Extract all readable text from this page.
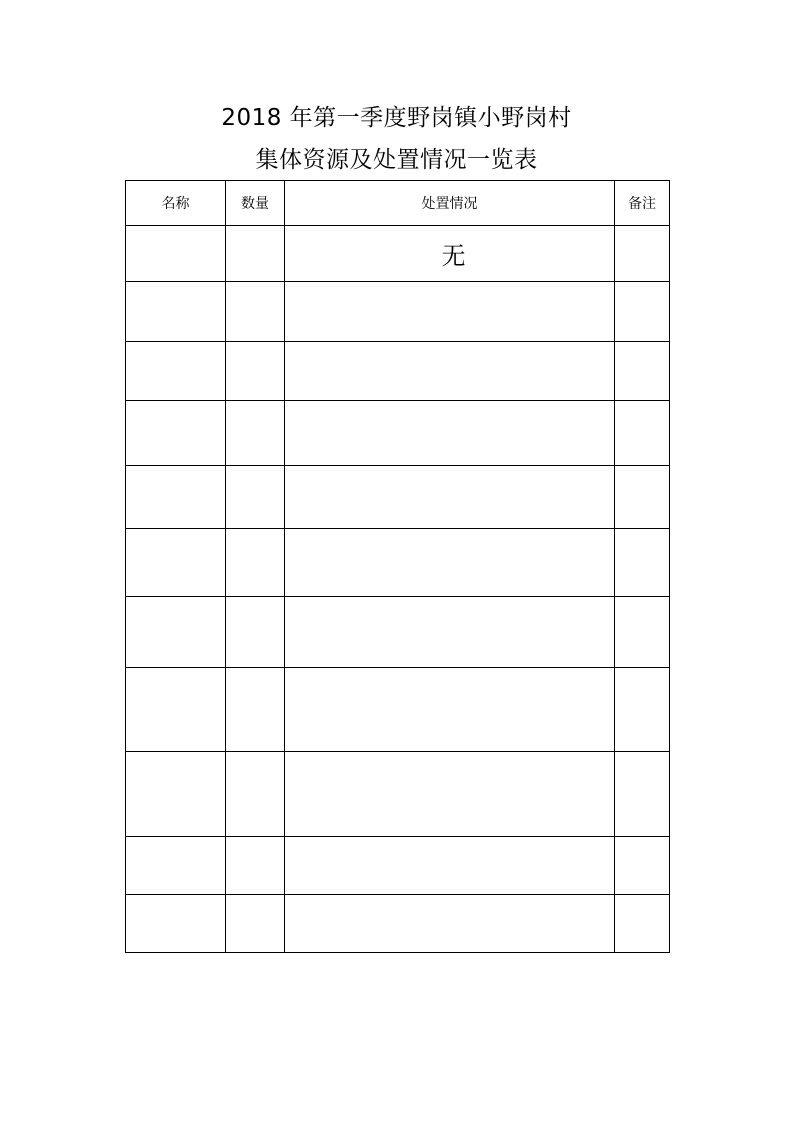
2018 年第一季度野岗镇小野岗村
集体资源及处置情况一览表
名称	数量	处置情况	备注
		无	
